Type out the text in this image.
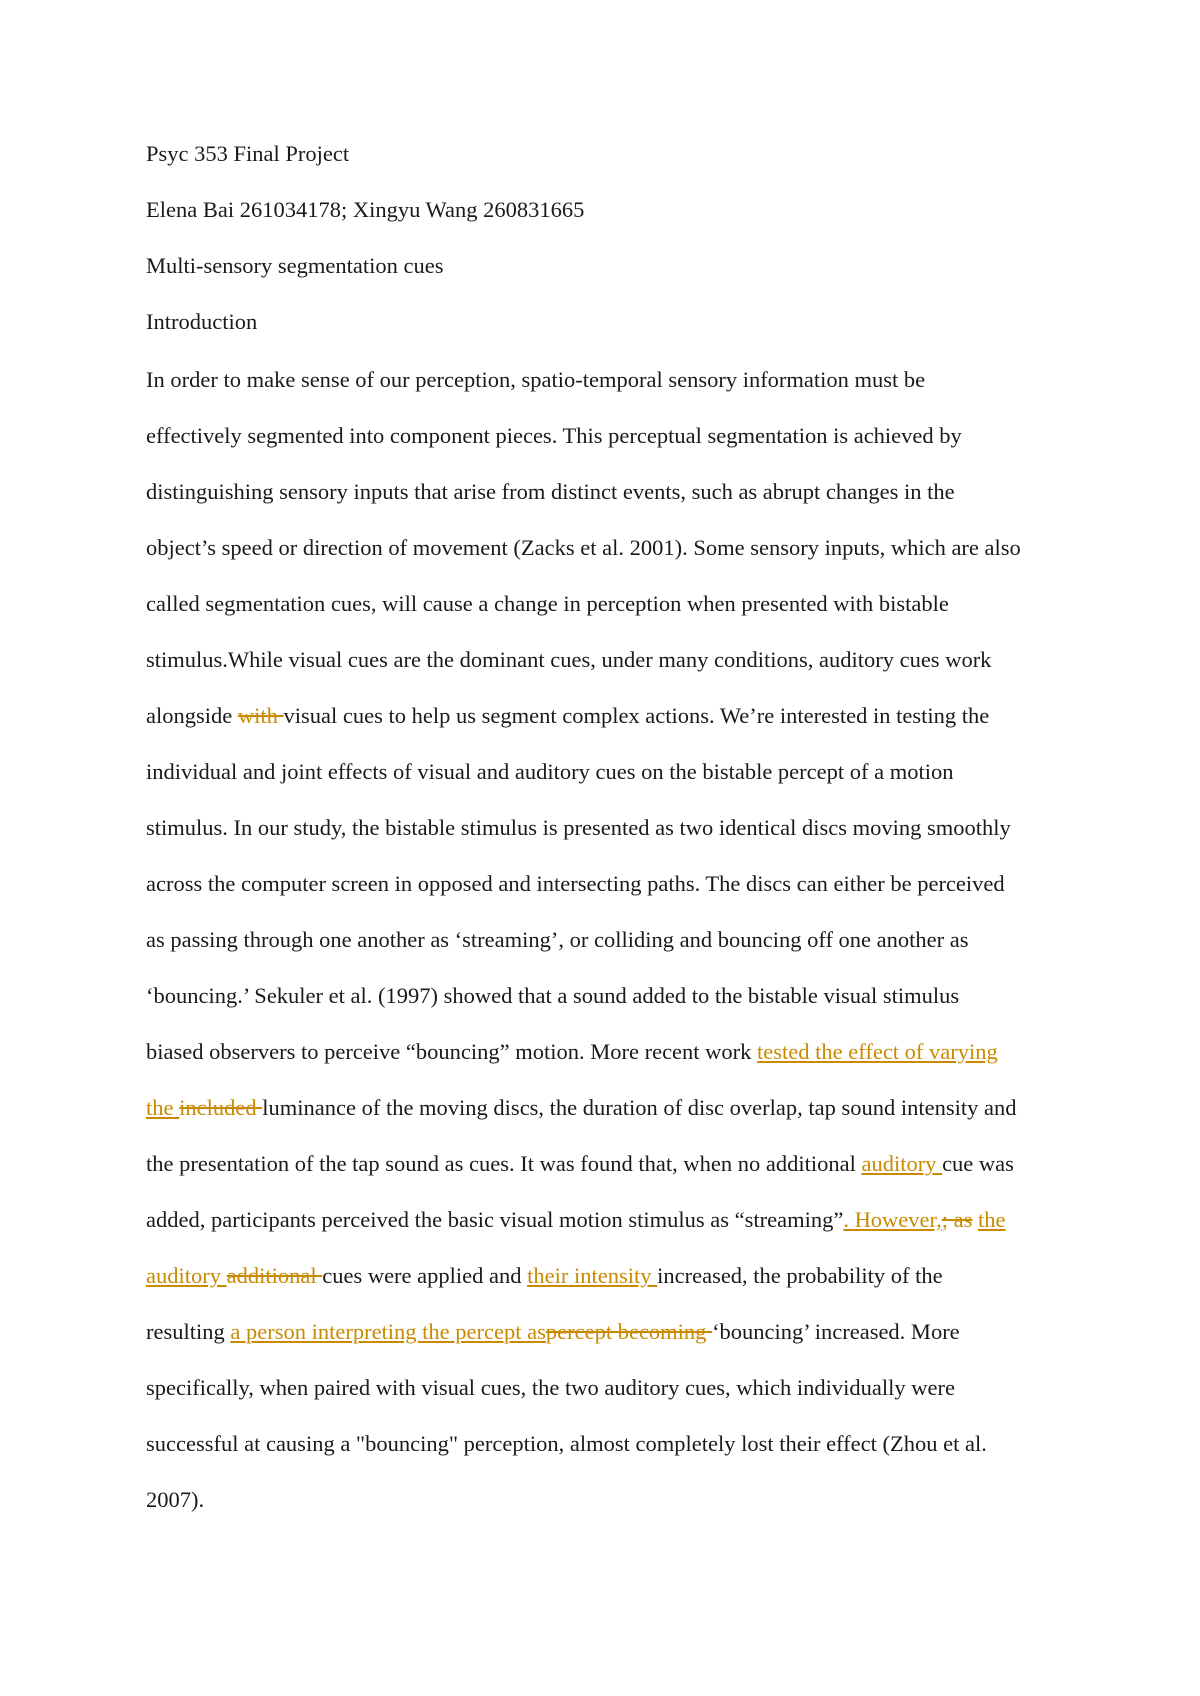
Psyc 353 Final Project
Elena Bai 261034178; Xingyu Wang 260831665
Multi-sensory segmentation cues
Introduction
In order to make sense of our perception, spatio-temporal sensory information must be
effectively segmented into component pieces. This perceptual segmentation is achieved by
distinguishing sensory inputs that arise from distinct events, such as abrupt changes in the
object’s speed or direction of movement (Zacks et al. 2001). Some sensory inputs, which are also
called segmentation cues, will cause a change in perception when presented with bistable
stimulus.While visual cues are the dominant cues, under many conditions, auditory cues work
alongside with visual cues to help us segment complex actions. We’re interested in testing the
individual and joint effects of visual and auditory cues on the bistable percept of a motion
stimulus. In our study, the bistable stimulus is presented as two identical discs moving smoothly
across the computer screen in opposed and intersecting paths. The discs can either be perceived
as passing through one another as ‘streaming’, or colliding and bouncing off one another as
‘bouncing.’ Sekuler et al. (1997) showed that a sound added to the bistable visual stimulus
biased observers to perceive “bouncing” motion. More recent work tested the effect of varying
the included luminance of the moving discs, the duration of disc overlap, tap sound intensity and
the presentation of the tap sound as cues. It was found that, when no additional auditory cue was
added, participants perceived the basic visual motion stimulus as “streaming”. However,; as the
auditory additional cues were applied and their intensity increased, the probability of the
resulting a person interpreting the percept aspercept becoming ‘bouncing’ increased. More
specifically, when paired with visual cues, the two auditory cues, which individually were
successful at causing a "bouncing" perception, almost completely lost their effect (Zhou et al.
2007).
